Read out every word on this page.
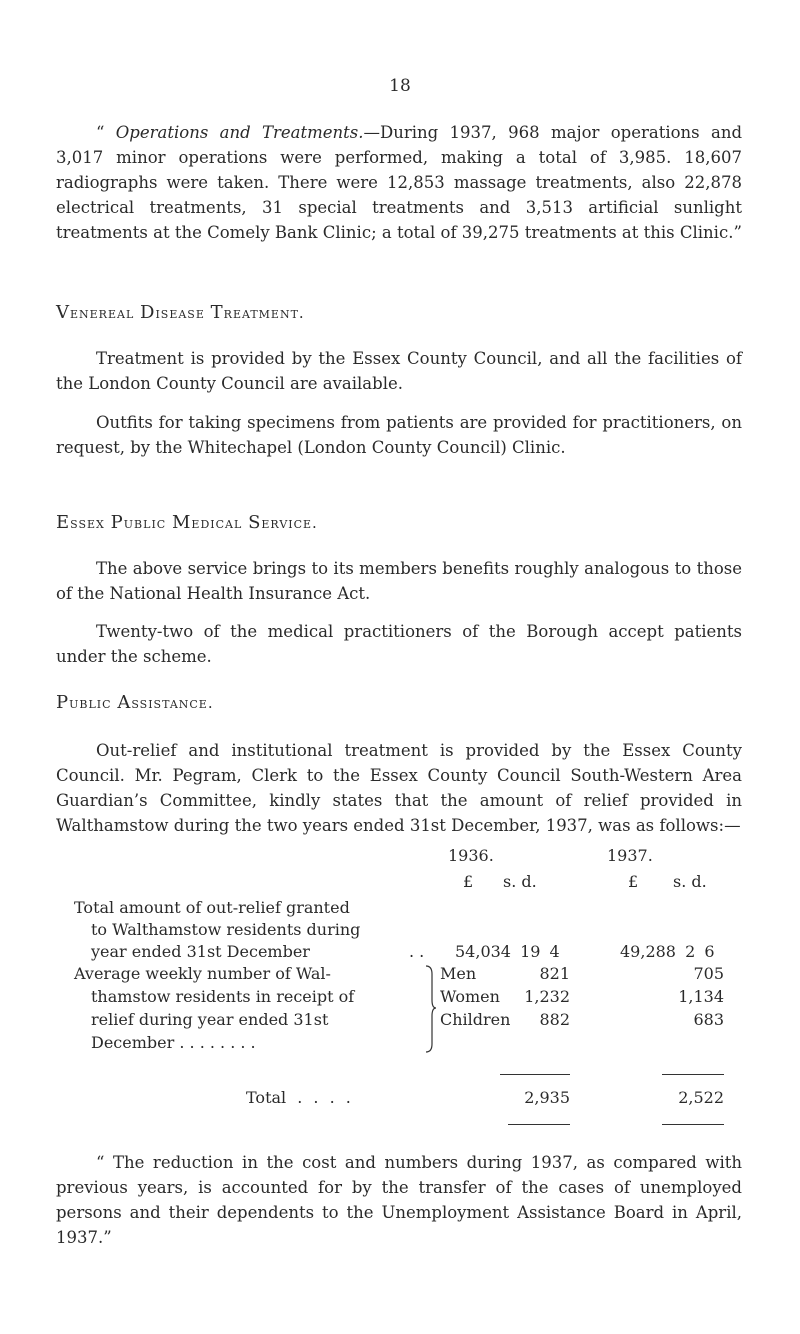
18

“ Operations and Treatments.—During 1937, 968 major operations and 3,017 minor operations were performed, making a total of 3,985. 18,607 radiographs were taken. There were 12,853 massage treatments, also 22,878 electrical treatments, 31 special treatments and 3,513 artificial sunlight treatments at the Comely Bank Clinic; a total of 39,275 treatments at this Clinic.”

Venereal Disease Treatment.

Treatment is provided by the Essex County Council, and all the facilities of the London County Council are available.

Outfits for taking specimens from patients are provided for practitioners, on request, by the Whitechapel (London County Council) Clinic.

Essex Public Medical Service.

The above service brings to its members benefits roughly analogous to those of the National Health Insurance Act.

Twenty-two of the medical practitioners of the Borough accept patients under the scheme.

Public Assistance.

Out-relief and institutional treatment is provided by the Essex County Council. Mr. Pegram, Clerk to the Essex County Council South-Western Area Guardian’s Committee, kindly states that the amount of relief provided in Walthamstow during the two years ended 31st December, 1937, was as follows:—

1936.	1937.
£ s. d.	£ s. d.
Total amount of out-relief granted
to Walthamstow residents during
year ended 31st December	. . 54,034 19 4	49,288 2 6
Average weekly number of Wal-
thamstow residents in receipt of
relief during year ended 31st
December . . . . . . . .
Men	821	705
Women	1,232	1,134
Children	882	683
Total . . . .	2,935	2,522

“ The reduction in the cost and numbers during 1937, as compared with previous years, is accounted for by the transfer of the cases of unemployed persons and their dependents to the Unemployment Assistance Board in April, 1937.”
